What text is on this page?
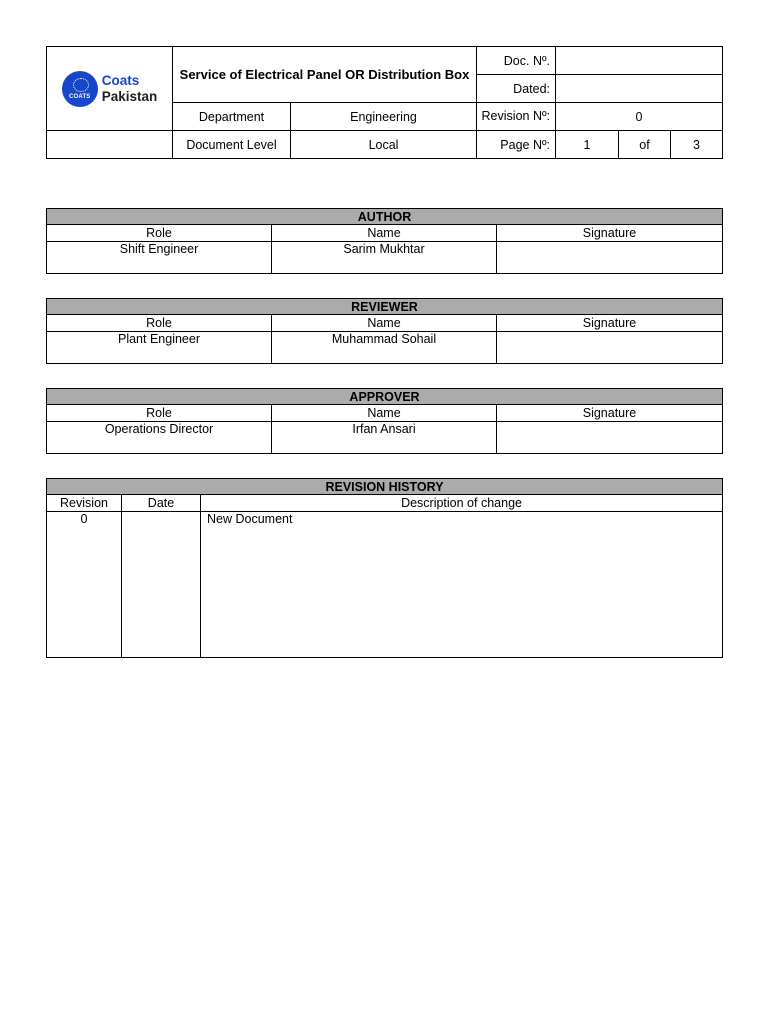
COATS
Coats
Pakistan	Service of Electrical Panel OR Distribution Box		Doc. Nº.			
			Dated:			
	Department	Engineering	Revision Nº:	0		
	Document Level	Local	Page Nº:	1	of	3
AUTHOR		
Role	Name	Signature
Shift Engineer	Sarim Mukhtar	
REVIEWER		
Role	Name	Signature
Plant Engineer	Muhammad Sohail	
APPROVER		
Role	Name	Signature
Operations Director	Irfan Ansari	
REVISION HISTORY		
Revision	Date	Description of change
0		New Document
